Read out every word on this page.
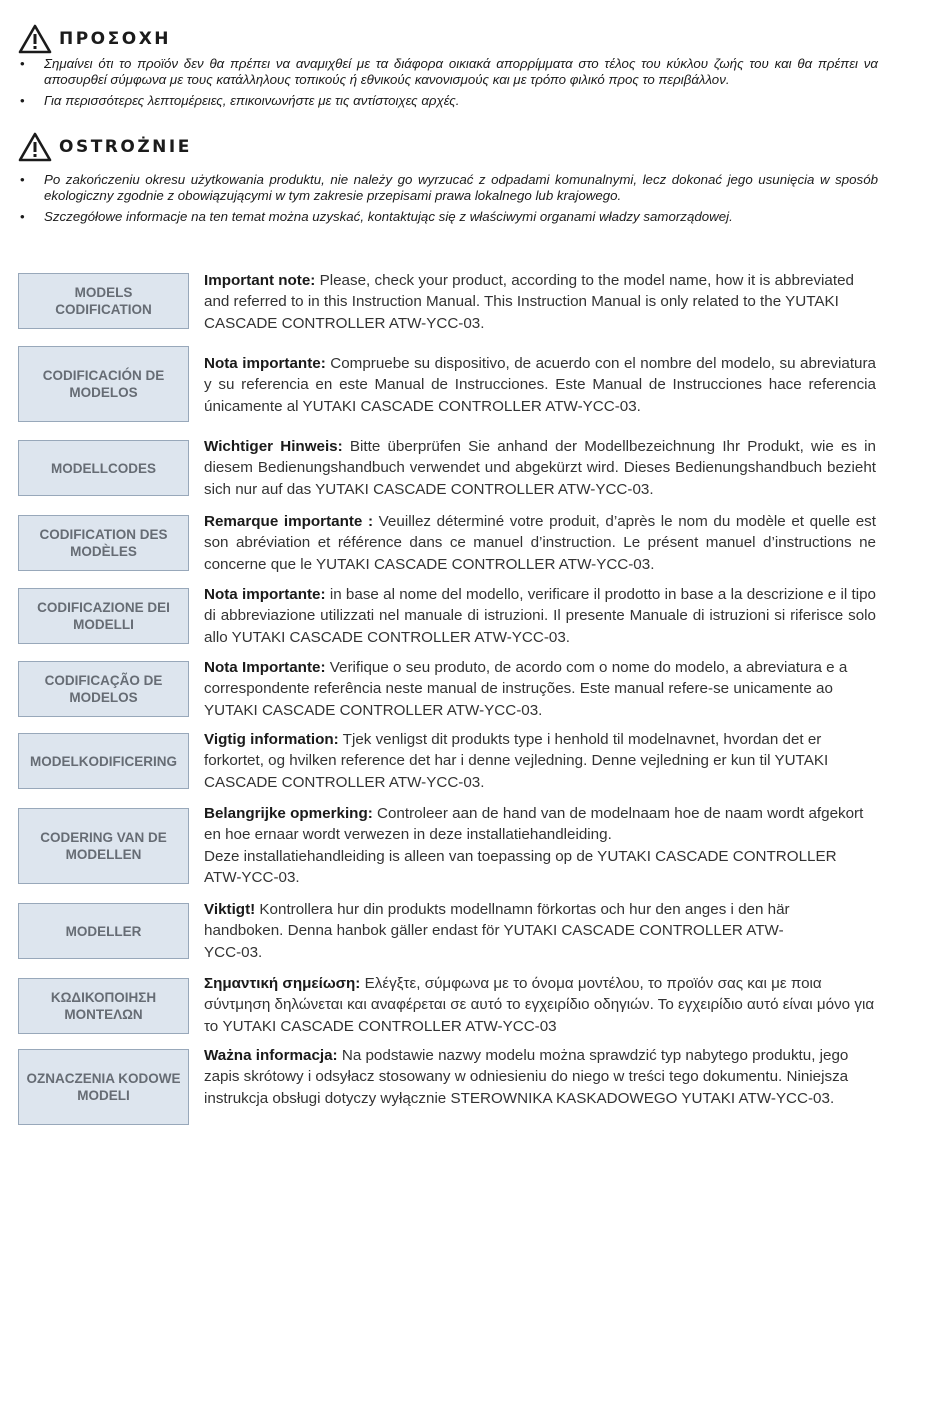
ΠΡΟΣΟΧΗ
• Σημαίνει ότι το προϊόν δεν θα πρέπει να αναμιχθεί με τα διάφορα οικιακά απορρίμματα στο τέλος του κύκλου ζωής του και θα πρέπει να αποσυρθεί σύμφωνα με τους κατάλληλους τοπικούς ή εθνικούς κανονισμούς και με τρόπο φιλικό προς το περιβάλλον.
• Για περισσότερες λεπτομέρειες, επικοινωνήστε με τις αντίστοιχες αρχές.
OSTROŻNIE
• Po zakończeniu okresu użytkowania produktu, nie należy go wyrzucać z odpadami komunalnymi, lecz dokonać jego usunięcia w sposób ekologiczny zgodnie z obowiązującymi w tym zakresie przepisami prawa lokalnego lub krajowego.
• Szczegółowe informacje na ten temat można uzyskać, kontaktując się z właściwymi organami władzy samorządowej.
MODELS CODIFICATION
Important note: Please, check your product, according to the model name, how it is abbreviated and referred to in this Instruction Manual. This Instruction Manual is only related to the YUTAKI CASCADE CONTROLLER ATW-YCC-03.
CODIFICACIÓN DE MODELOS
Nota importante: Compruebe su dispositivo, de acuerdo con el nombre del modelo, su abreviatura y su referencia en este Manual de Instrucciones. Este Manual de Instrucciones hace referencia únicamente al YUTAKI CASCADE CONTROLLER ATW-YCC-03.
MODELLCODES
Wichtiger Hinweis: Bitte überprüfen Sie anhand der Modellbezeichnung Ihr Produkt, wie es in diesem Bedienungshandbuch verwendet und abgekürzt wird. Dieses Bedienungshandbuch bezieht sich nur auf das YUTAKI CASCADE CONTROLLER ATW-YCC-03.
CODIFICATION DES MODÈLES
Remarque importante : Veuillez déterminé votre produit, d’après le nom du modèle et quelle est son abréviation et référence dans ce manuel d’instruction. Le présent manuel d’instructions ne concerne que le YUTAKI CASCADE CONTROLLER ATW-YCC-03.
CODIFICAZIONE DEI MODELLI
Nota importante: in base al nome del modello, verificare il prodotto in base a la descrizione e il tipo di abbreviazione utilizzati nel manuale di istruzioni. Il presente Manuale di istruzioni si riferisce solo allo YUTAKI CASCADE CONTROLLER ATW-YCC-03.
CODIFICAÇÃO DE MODELOS
Nota Importante: Verifique o seu produto, de acordo com o nome do modelo, a abreviatura e a correspondente referência neste manual de instruções. Este manual refere-se unicamente ao YUTAKI CASCADE CONTROLLER ATW-YCC-03.
MODELKODIFICERING
Vigtig information: Tjek venligst dit produkts type i henhold til modelnavnet, hvordan det er forkortet, og hvilken reference det har i denne vejledning. Denne vejledning er kun til YUTAKI CASCADE CONTROLLER ATW-YCC-03.
CODERING VAN DE MODELLEN
Belangrijke opmerking: Controleer aan de hand van de modelnaam hoe de naam wordt afgekort en hoe ernaar wordt verwezen in deze installatiehandleiding.
Deze installatiehandleiding is alleen van toepassing op de YUTAKI CASCADE CONTROLLER ATW-YCC-03.
MODELLER
Viktigt! Kontrollera hur din produkts modellnamn förkortas och hur den anges i den här handboken. Denna hanbok gäller endast för YUTAKI CASCADE CONTROLLER ATW-YCC-03.
ΚΩΔΙΚΟΠΟΙΗΣΗ ΜΟΝΤΕΛΩΝ
Σημαντική σημείωση: Ελέγξτε, σύμφωνα με το όνομα μοντέλου, το προϊόν σας και με ποια σύντμηση δηλώνεται και αναφέρεται σε αυτό το εγχειρίδιο οδηγιών. Το εγχειρίδιο αυτό είναι μόνο για το YUTAKI CASCADE CONTROLLER ATW-YCC-03
OZNACZENIA KODOWE MODELI
Ważna informacja: Na podstawie nazwy modelu można sprawdzić typ nabytego produktu, jego zapis skrótowy i odsyłacz stosowany w odniesieniu do niego w treści tego dokumentu. Niniejsza instrukcja obsługi dotyczy wyłącznie STEROWNIKA KASKADOWEGO YUTAKI ATW-YCC-03.
